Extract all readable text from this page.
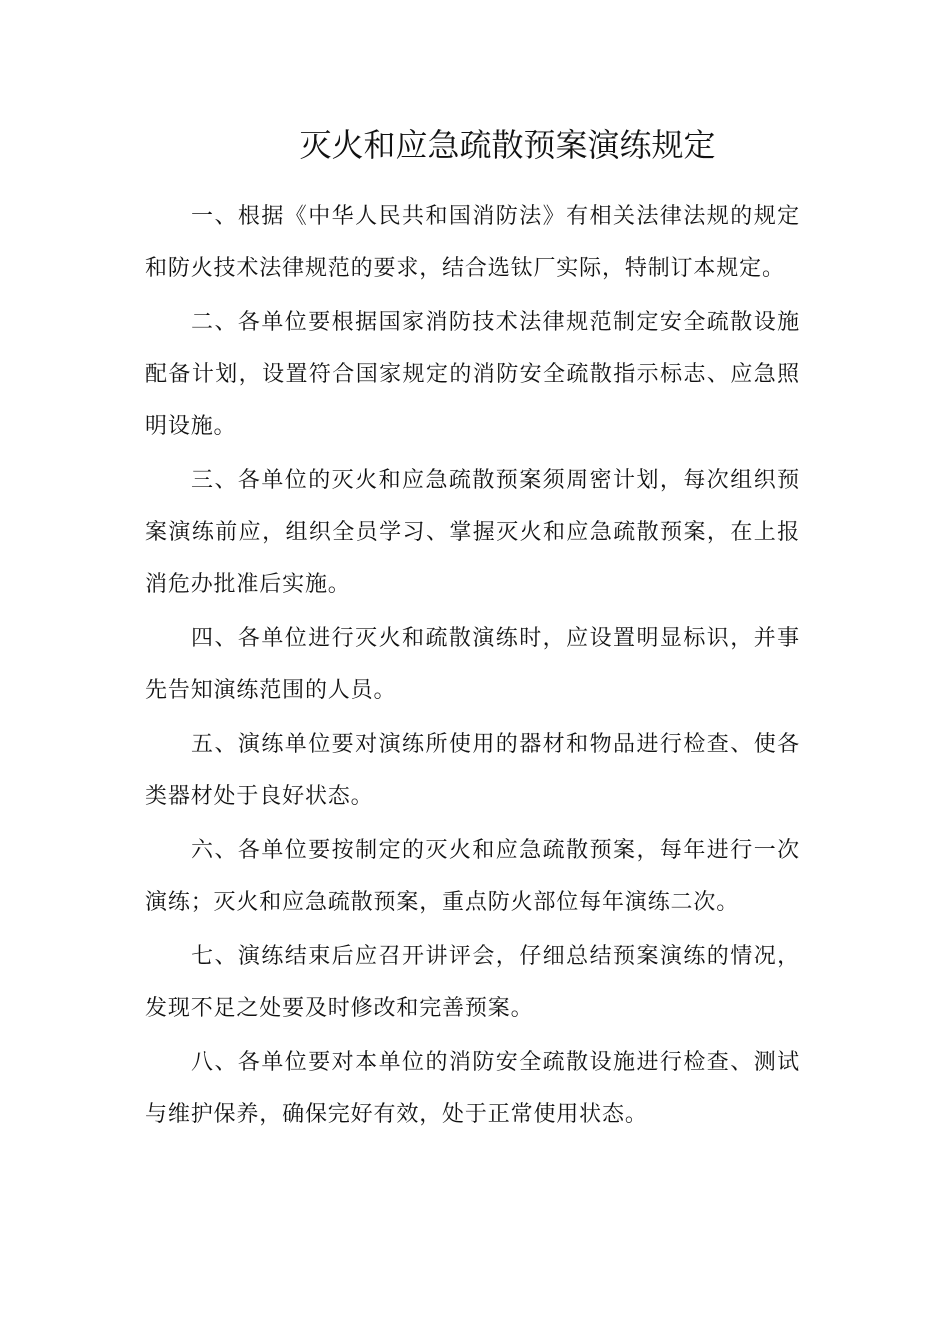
灭火和应急疏散预案演练规定

一、根据《中华人民共和国消防法》有相关法律法规的规定和防火技术法律规范的要求，结合选钛厂实际，特制订本规定。

二、各单位要根据国家消防技术法律规范制定安全疏散设施配备计划，设置符合国家规定的消防安全疏散指示标志、应急照明设施。

三、各单位的灭火和应急疏散预案须周密计划，每次组织预案演练前应，组织全员学习、掌握灭火和应急疏散预案，在上报消危办批准后实施。

四、各单位进行灭火和疏散演练时，应设置明显标识，并事先告知演练范围的人员。

五、演练单位要对演练所使用的器材和物品进行检查、使各类器材处于良好状态。

六、各单位要按制定的灭火和应急疏散预案，每年进行一次演练；灭火和应急疏散预案，重点防火部位每年演练二次。

七、演练结束后应召开讲评会，仔细总结预案演练的情况，发现不足之处要及时修改和完善预案。

八、各单位要对本单位的消防安全疏散设施进行检查、测试与维护保养，确保完好有效，处于正常使用状态。
